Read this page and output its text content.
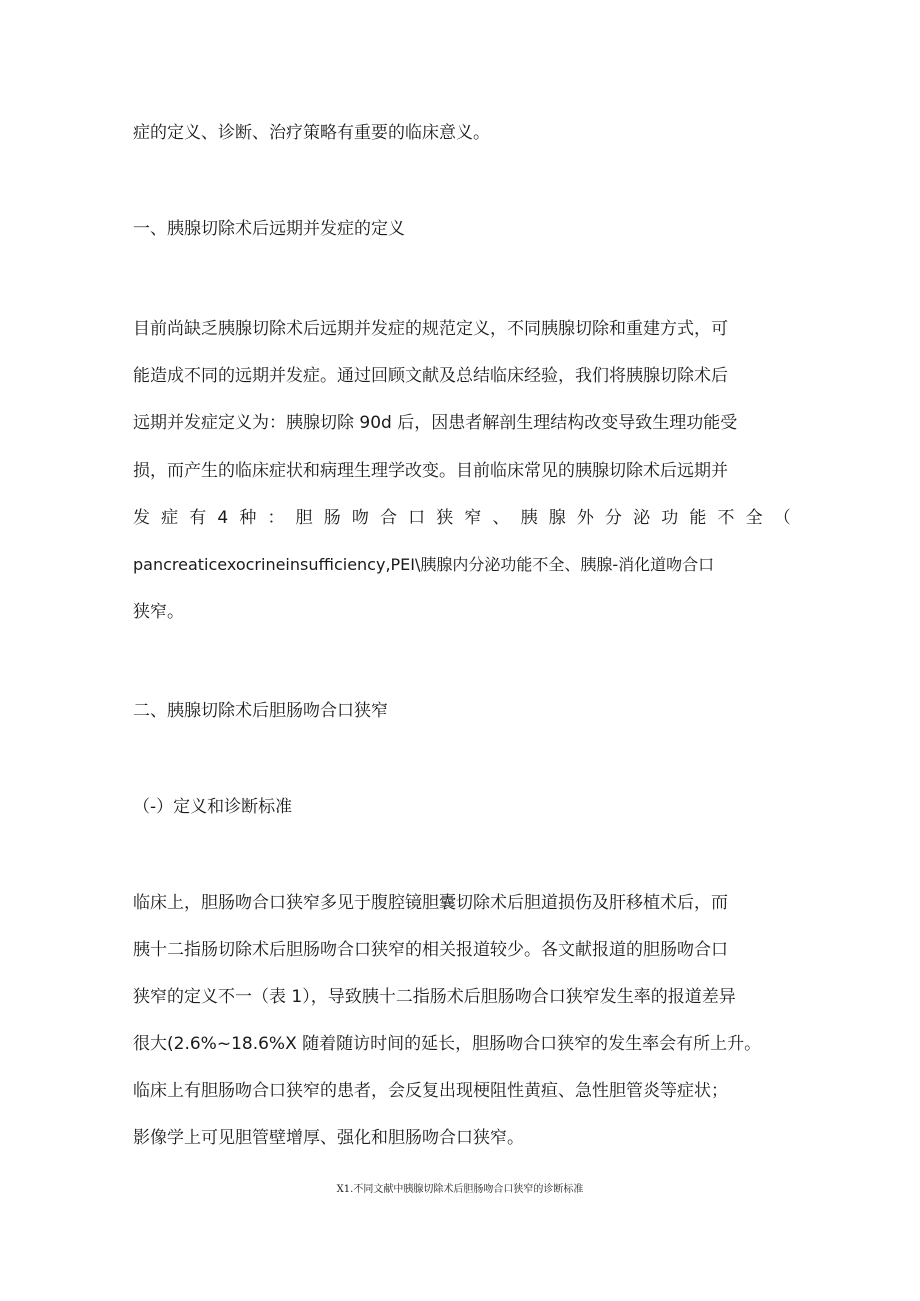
症的定义、诊断、治疗策略有重要的临床意义。
一、胰腺切除术后远期并发症的定义
目前尚缺乏胰腺切除术后远期并发症的规范定义，不同胰腺切除和重建方式，可
能造成不同的远期并发症。通过回顾文献及总结临床经验，我们将胰腺切除术后
远期并发症定义为：胰腺切除 90d 后，因患者解剖生理结构改变导致生理功能受
损，而产生的临床症状和病理生理学改变。目前临床常见的胰腺切除术后远期并
发 症 有 4 种 ： 胆 肠 吻 合 口 狭 窄 、 胰 腺 外 分 泌 功 能 不 全 （
pancreaticexocrineinsufficiency,PEI\胰腺内分泌功能不全、胰腺-消化道吻合口
狭窄。
二、胰腺切除术后胆肠吻合口狭窄
（-）定义和诊断标准
临床上，胆肠吻合口狭窄多见于腹腔镜胆囊切除术后胆道损伤及肝移植术后，而
胰十二指肠切除术后胆肠吻合口狭窄的相关报道较少。各文献报道的胆肠吻合口
狭窄的定义不一（表 1），导致胰十二指肠术后胆肠吻合口狭窄发生率的报道差异
很大(2.6%~18.6%X 随着随访时间的延长，胆肠吻合口狭窄的发生率会有所上升。
临床上有胆肠吻合口狭窄的患者，会反复出现梗阻性黄疸、急性胆管炎等症状；
影像学上可见胆管壁增厚、强化和胆肠吻合口狭窄。
X1.不同文献中胰腺切除术后胆肠吻合口狭窄的诊断标准
